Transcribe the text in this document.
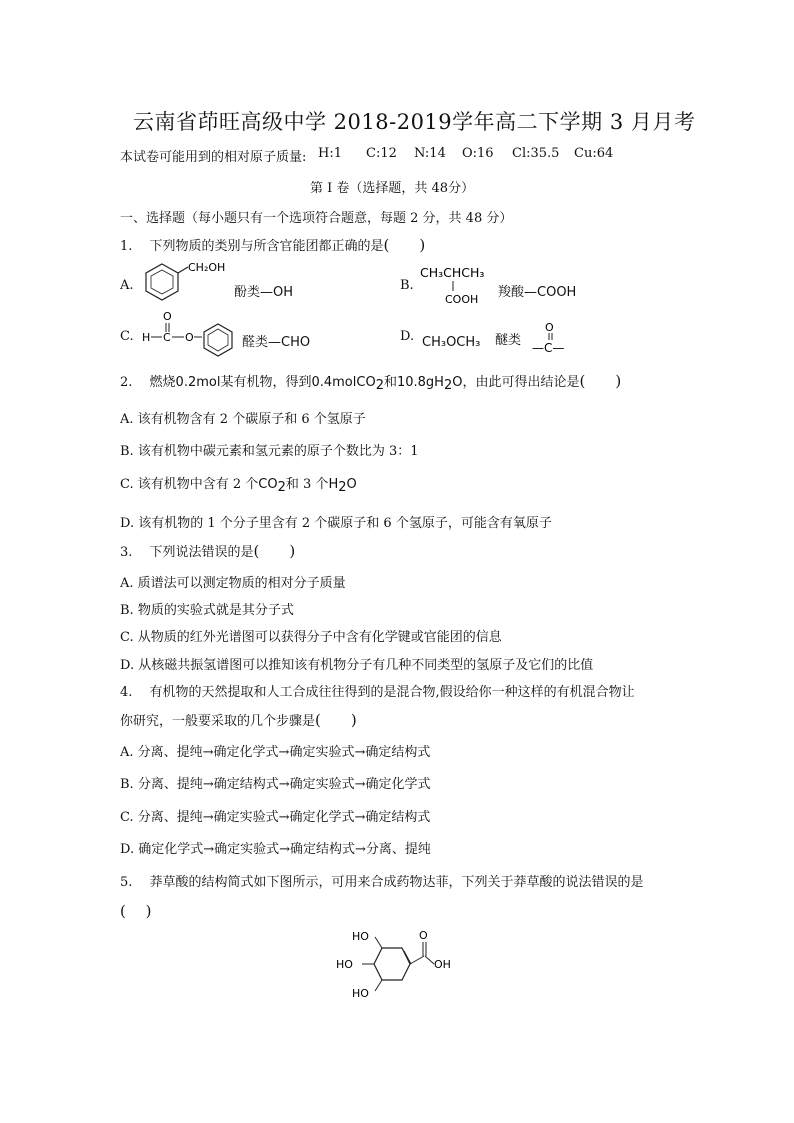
云南省茚旺高级中学 2018-2019学年高二下学期 3 月月考
本试卷可能用到的相对原子质量: H:1 C:12 N:14 O:16 Cl:35.5 Cu:64
第 I 卷（选择题，共 48分）
一、选择题（每小题只有一个选项符合题意，每题 2 分，共 48 分）
1.　 下列物质的类别与所含官能团都正确的是(　　)
A.
CH₂OH
酚类—OH	B.
CH₃CHCH₃
COOH 羧酸—COOH
C. H C
O
O	醛类—CHO	D. CH₃OCH₃ 醚类
O
—C—
2.　 燃烧0.2mol某有机物，得到0.4molCO2和10.8gH2O，由此可得出结论是(　　)
A. 该有机物含有 2 个碳原子和 6 个氢原子
B. 该有机物中碳元素和氢元素的原子个数比为 3：1
C. 该有机物中含有 2 个CO2和 3 个H2O
D. 该有机物的 1 个分子里含有 2 个碳原子和 6 个氢原子，可能含有氧原子
3.　 下列说法错误的是(　　)
A. 质谱法可以测定物质的相对分子质量
B. 物质的实验式就是其分子式
C. 从物质的红外光谱图可以获得分子中含有化学键或官能团的信息
D. 从核磁共振氢谱图可以推知该有机物分子有几种不同类型的氢原子及它们的比值
4.　 有机物的天然提取和人工合成往往得到的是混合物,假设给你一种这样的有机混合物让
你研究，一般要采取的几个步骤是(　　)
A. 分离、提纯→确定化学式→确定实验式→确定结构式
B. 分离、提纯→确定结构式→确定实验式→确定化学式
C. 分离、提纯→确定实验式→确定化学式→确定结构式
D. 确定化学式→确定实验式→确定结构式→分离、提纯
5.　 莽草酸的结构简式如下图所示，可用来合成药物达菲，下列关于莽草酸的说法错误的是
(　 )
HO
HO
HO
O
OH
